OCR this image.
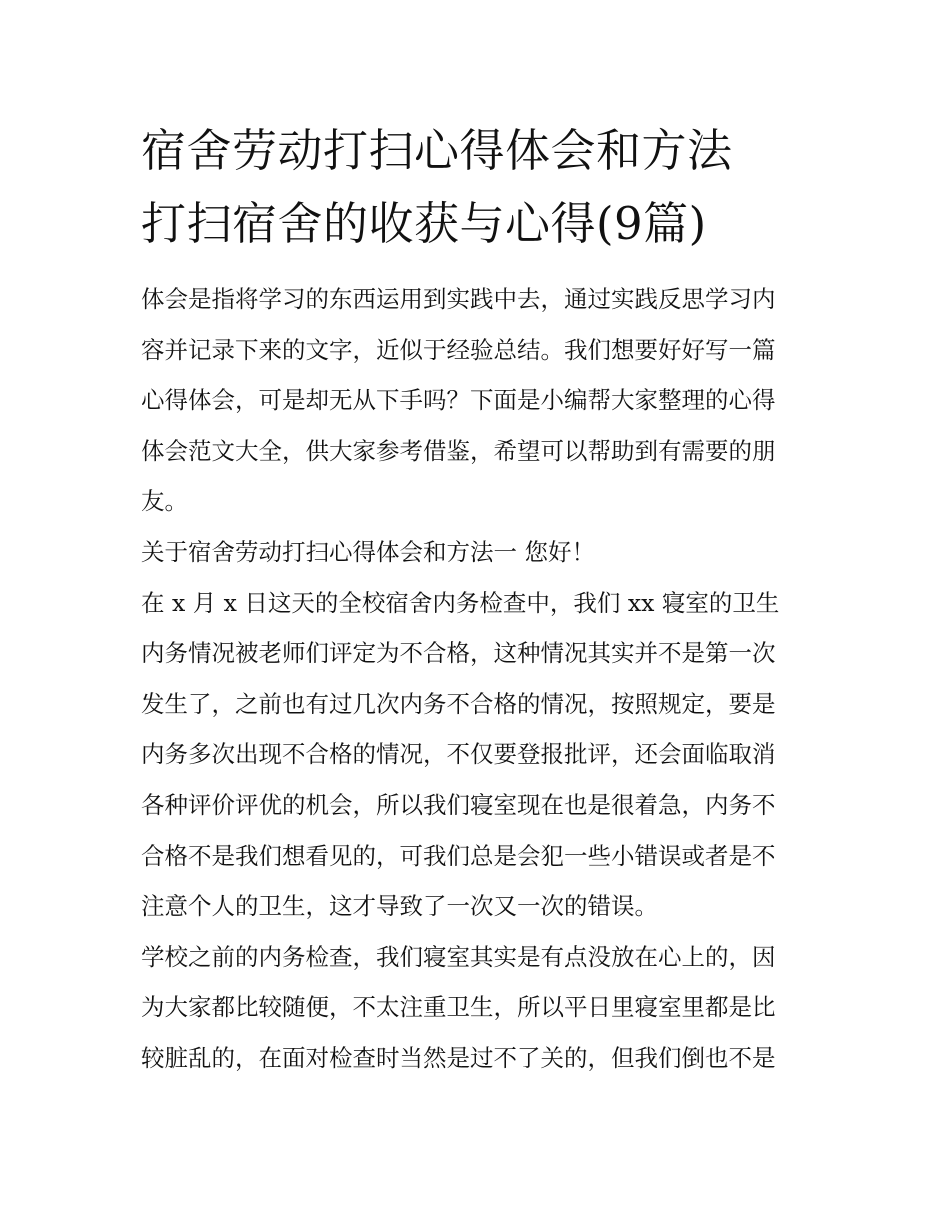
宿舍劳动打扫心得体会和方法
打扫宿舍的收获与心得(9篇)
体会是指将学习的东西运用到实践中去，通过实践反思学习内
容并记录下来的文字，近似于经验总结。我们想要好好写一篇
心得体会，可是却无从下手吗？下面是小编帮大家整理的心得
体会范文大全，供大家参考借鉴，希望可以帮助到有需要的朋
友。
关于宿舍劳动打扫心得体会和方法一 您好！
在 x 月 x 日这天的全校宿舍内务检查中，我们 xx 寝室的卫生
内务情况被老师们评定为不合格，这种情况其实并不是第一次
发生了，之前也有过几次内务不合格的情况，按照规定，要是
内务多次出现不合格的情况，不仅要登报批评，还会面临取消
各种评价评优的机会，所以我们寝室现在也是很着急，内务不
合格不是我们想看见的，可我们总是会犯一些小错误或者是不
注意个人的卫生，这才导致了一次又一次的错误。
学校之前的内务检查，我们寝室其实是有点没放在心上的，因
为大家都比较随便，不太注重卫生，所以平日里寝室里都是比
较脏乱的，在面对检查时当然是过不了关的，但我们倒也不是
